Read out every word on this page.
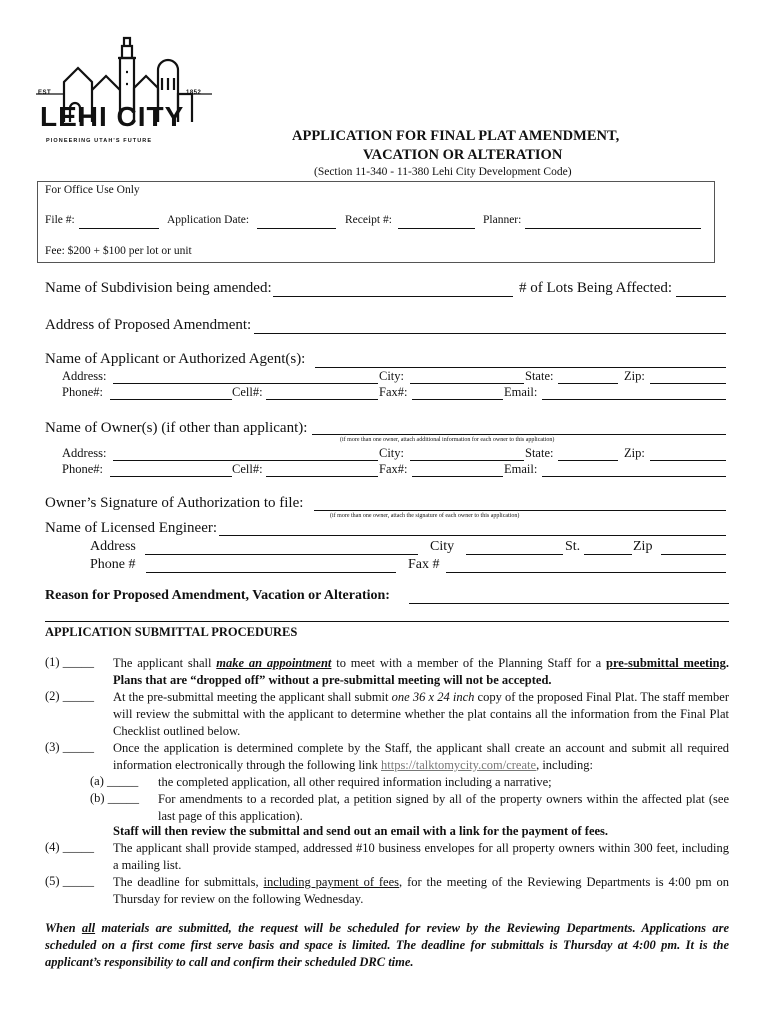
EST	1852
LEHI CITY
PIONEERING UTAH'S FUTURE	APPLICATION FOR FINAL PLAT AMENDMENT,
VACATION OR ALTERATION
(Section 11-340 - 11-380 Lehi City Development Code)
For Office Use Only
File #:	Application Date:	Receipt #:	Planner:
Fee: $200 + $100 per lot or unit
Name of Subdivision being amended:	# of Lots Being Affected:
Address of Proposed Amendment:
Name of Applicant or Authorized Agent(s):
Address:	City:	State:	Zip:
Phone#:	Cell#:	Fax#:	Email:
Name of Owner(s) (if other than applicant):
(if more than one owner, attach additional information for each owner to this application)
Address:	City:	State:	Zip:
Phone#:	Cell#:	Fax#:	Email:
Owner’s Signature of Authorization to file:
(if more than one owner, attach the signature of each owner to this application)
Name of Licensed Engineer:
Address	City	St.	Zip
Phone #	Fax #
Reason for Proposed Amendment, Vacation or Alteration:
APPLICATION SUBMITTAL PROCEDURES
(1) _____ The applicant shall make an appointment to meet with a member of the Planning Staff for a pre-submittal meeting. Plans that are “dropped off” without a pre-submittal meeting will not be accepted.
(2) _____ At the pre-submittal meeting the applicant shall submit one 36 x 24 inch copy of the proposed Final Plat. The staff member will review the submittal with the applicant to determine whether the plat contains all the information from the Final Plat Checklist outlined below.
(3) _____ Once the application is determined complete by the Staff, the applicant shall create an account and submit all required information electronically through the following link https://talktomycity.com/create, including:
(a) _____ the completed application, all other required information including a narrative;
(b) _____ For amendments to a recorded plat, a petition signed by all of the property owners within the affected plat (see last page of this application).
Staff will then review the submittal and send out an email with a link for the payment of fees.
(4) _____ The applicant shall provide stamped, addressed #10 business envelopes for all property owners within 300 feet, including a mailing list.
(5) _____ The deadline for submittals, including payment of fees, for the meeting of the Reviewing Departments is 4:00 pm on Thursday for review on the following Wednesday.
When all materials are submitted, the request will be scheduled for review by the Reviewing Departments. Applications are scheduled on a first come first serve basis and space is limited. The deadline for submittals is Thursday at 4:00 pm. It is the applicant’s responsibility to call and confirm their scheduled DRC time.
